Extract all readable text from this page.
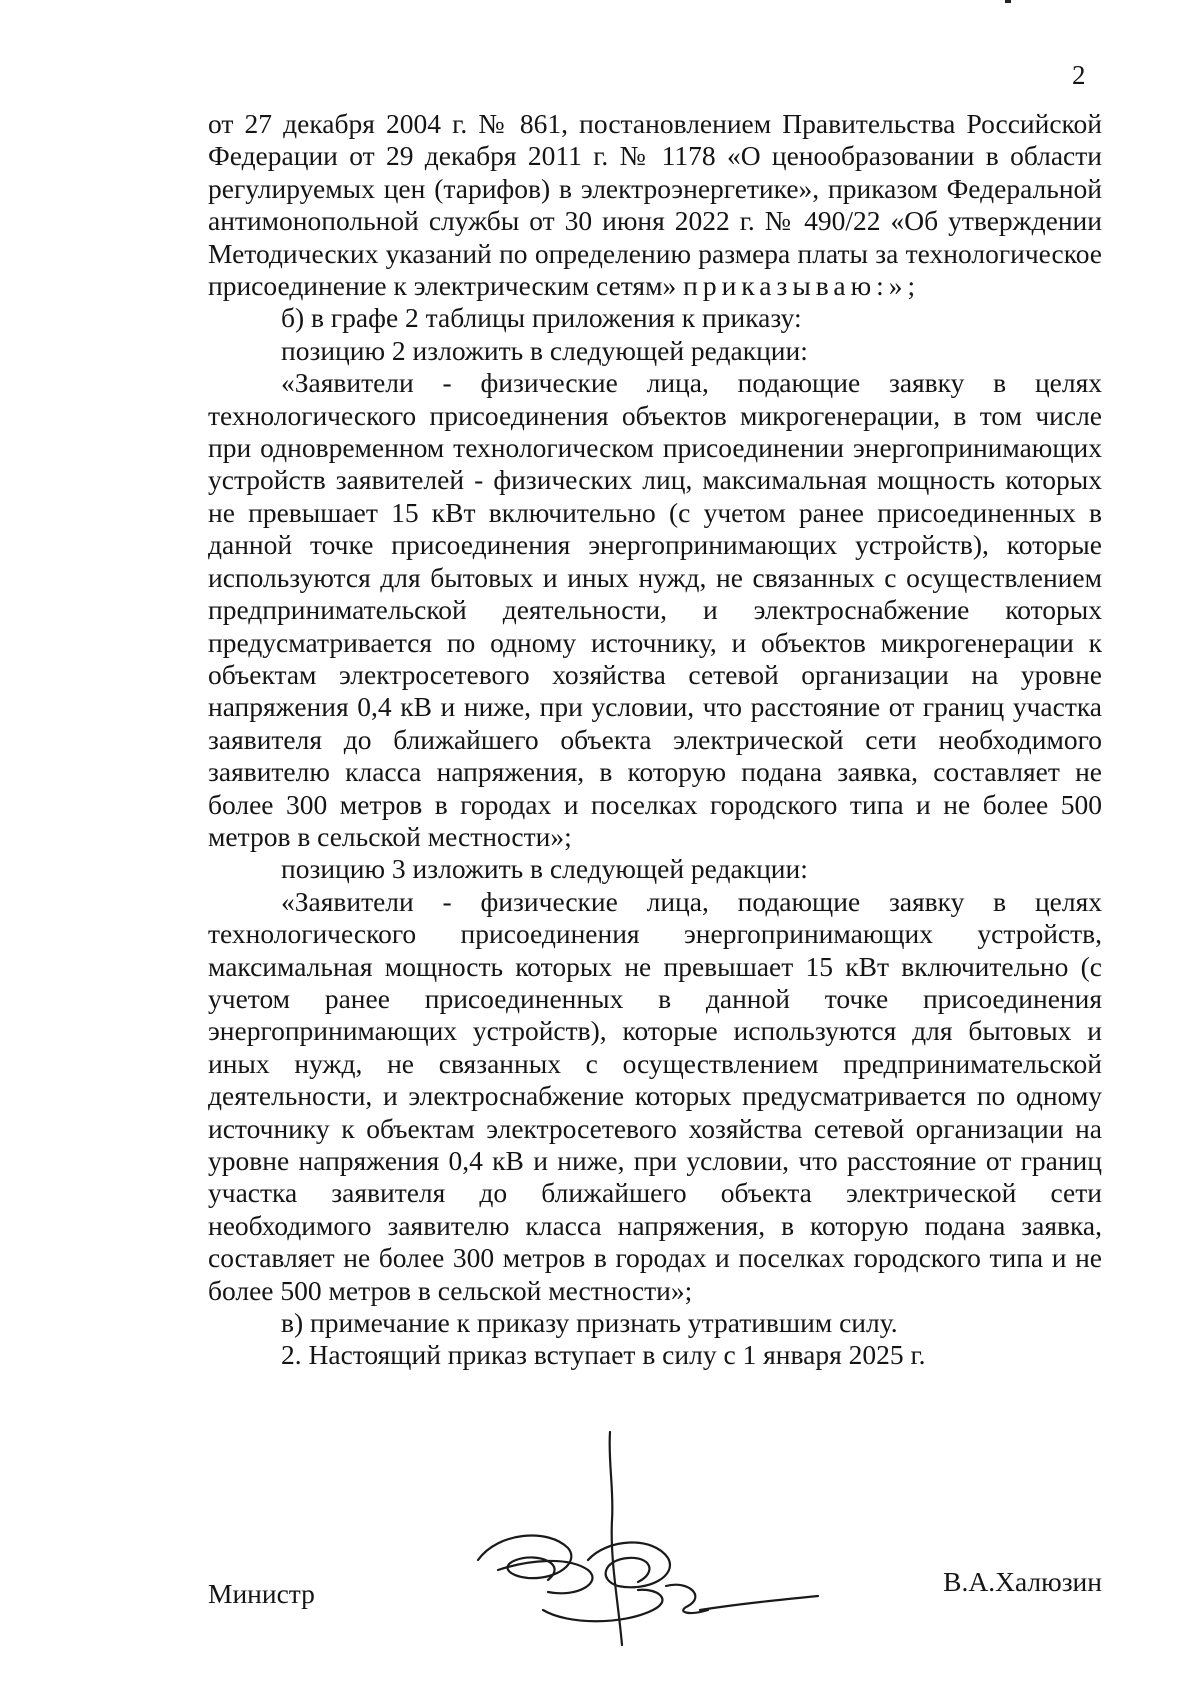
2

от 27 декабря 2004 г. № 861, постановлением Правительства Российской Федерации от 29 декабря 2011 г. № 1178 «О ценообразовании в области регулируемых цен (тарифов) в электроэнергетике», приказом Федеральной антимонопольной службы от 30 июня 2022 г. № 490/22 «Об утверждении Методических указаний по определению размера платы за технологическое присоединение к электрическим сетям» приказываю:»;

б) в графе 2 таблицы приложения к приказу:

позицию 2 изложить в следующей редакции:

«Заявители - физические лица, подающие заявку в целях технологического присоединения объектов микрогенерации, в том числе при одновременном технологическом присоединении энергопринимающих устройств заявителей - физических лиц, максимальная мощность которых не превышает 15 кВт включительно (с учетом ранее присоединенных в данной точке присоединения энергопринимающих устройств), которые используются для бытовых и иных нужд, не связанных с осуществлением предпринимательской деятельности, и электроснабжение которых предусматривается по одному источнику, и объектов микрогенерации к объектам электросетевого хозяйства сетевой организации на уровне напряжения 0,4 кВ и ниже, при условии, что расстояние от границ участка заявителя до ближайшего объекта электрической сети необходимого заявителю класса напряжения, в которую подана заявка, составляет не более 300 метров в городах и поселках городского типа и не более 500 метров в сельской местности»;

позицию 3 изложить в следующей редакции:

«Заявители - физические лица, подающие заявку в целях технологического присоединения энергопринимающих устройств, максимальная мощность которых не превышает 15 кВт включительно (с учетом ранее присоединенных в данной точке присоединения энергопринимающих устройств), которые используются для бытовых и иных нужд, не связанных с осуществлением предпринимательской деятельности, и электроснабжение которых предусматривается по одному источнику к объектам электросетевого хозяйства сетевой организации на уровне напряжения 0,4 кВ и ниже, при условии, что расстояние от границ участка заявителя до ближайшего объекта электрической сети необходимого заявителю класса напряжения, в которую подана заявка, составляет не более 300 метров в городах и поселках городского типа и не более 500 метров в сельской местности»;

в) примечание к приказу признать утратившим силу.

2. Настоящий приказ вступает в силу с 1 января 2025 г.

Министр	В.А.Халюзин
